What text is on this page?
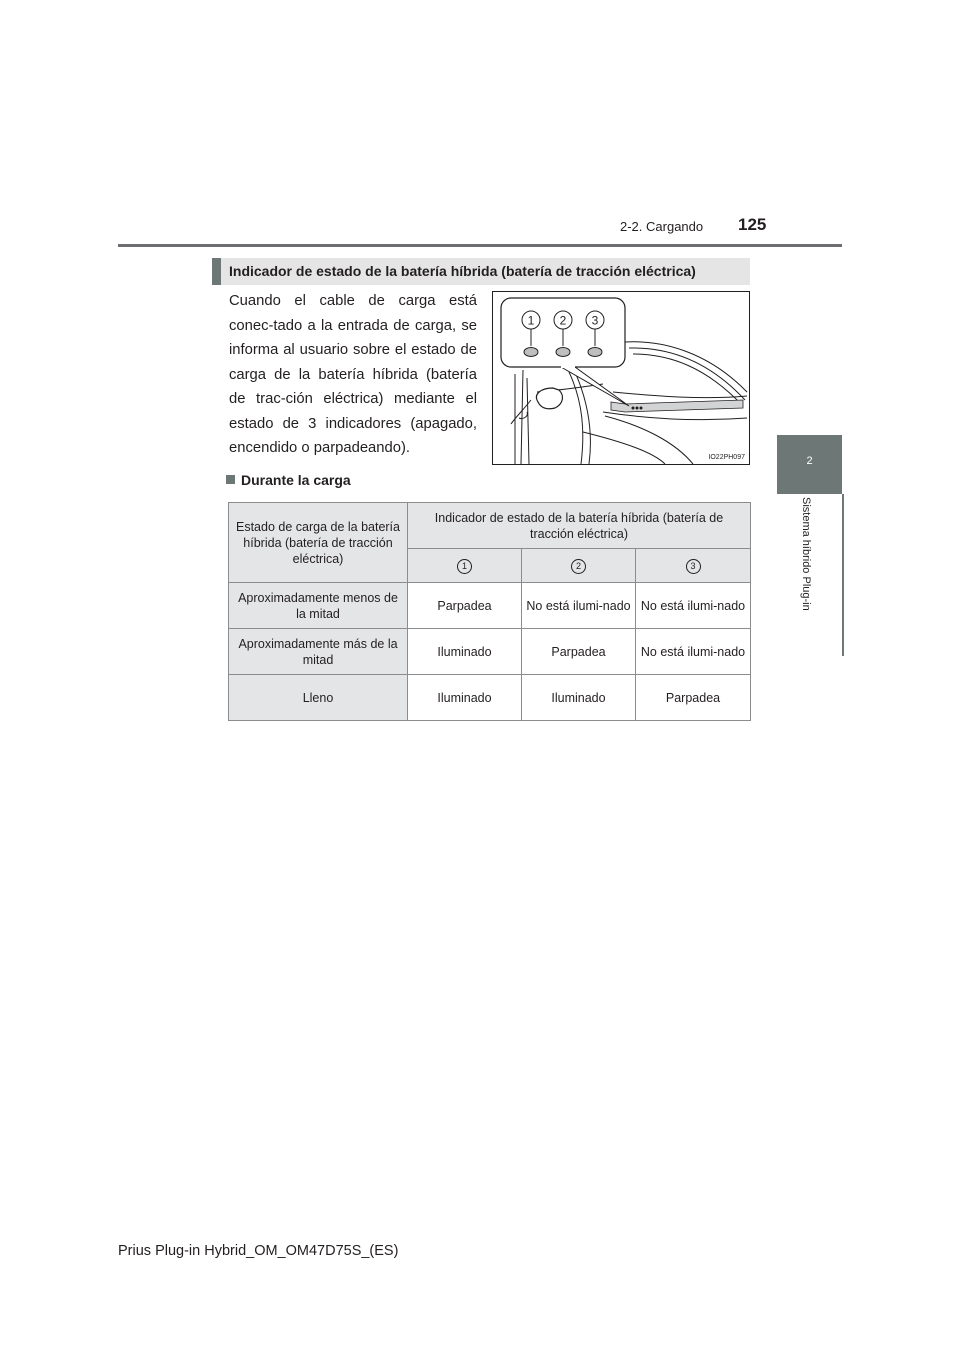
2-2. Cargando 125
2
Sistema híbrido Plug-in
Indicador de estado de la batería híbrida (batería de tracción eléctrica)
Cuando el cable de carga está conec-tado a la entrada de carga, se informa al usuario sobre el estado de carga de la batería híbrida (batería de trac-ción eléctrica) mediante el estado de 3 indicadores (apagado, encendido o parpadeando).
1 2 3
IO22PH097
Durante la carga
Estado de carga de la batería híbrida (batería de tracción eléctrica)	Indicador de estado de la batería híbrida (batería de tracción eléctrica)		
	1	2	3
Aproximadamente menos de la mitad	Parpadea	No está ilumi-nado	No está ilumi-nado
Aproximadamente más de la mitad	Iluminado	Parpadea	No está ilumi-nado
Lleno	Iluminado	Iluminado	Parpadea
Prius Plug-in Hybrid_OM_OM47D75S_(ES)
